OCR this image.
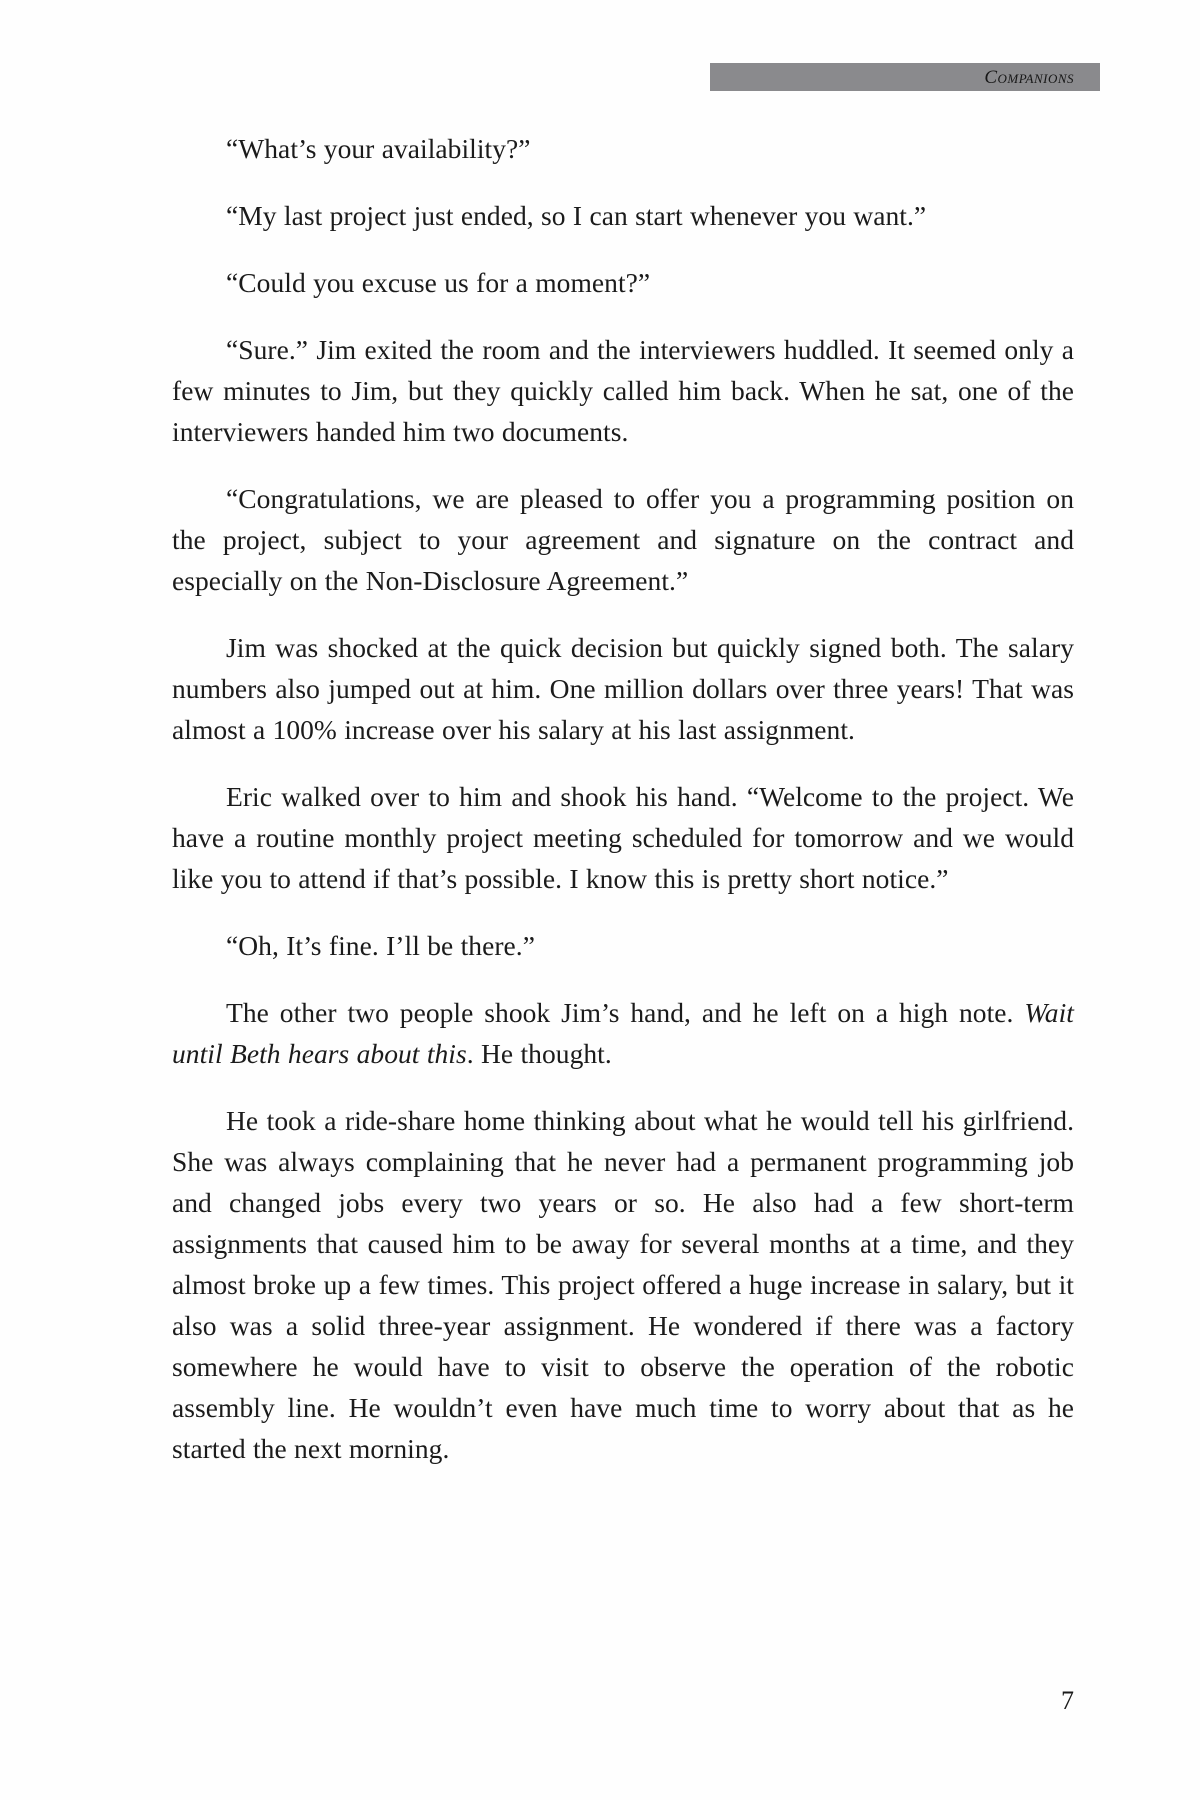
Companions

“What’s your availability?”

“My last project just ended, so I can start whenever you want.”

“Could you excuse us for a moment?”

“Sure.” Jim exited the room and the interviewers huddled. It seemed only a few minutes to Jim, but they quickly called him back. When he sat, one of the interviewers handed him two documents.

“Congratulations, we are pleased to offer you a programming position on the project, subject to your agreement and signature on the contract and especially on the Non-Disclosure Agreement.”

Jim was shocked at the quick decision but quickly signed both. The salary numbers also jumped out at him. One million dollars over three years! That was almost a 100% increase over his salary at his last assignment.

Eric walked over to him and shook his hand. “Welcome to the project. We have a routine monthly project meeting scheduled for tomorrow and we would like you to attend if that’s possible. I know this is pretty short notice.”

“Oh, It’s fine. I’ll be there.”

The other two people shook Jim’s hand, and he left on a high note. Wait until Beth hears about this. He thought.

He took a ride-share home thinking about what he would tell his girlfriend. She was always complaining that he never had a permanent programming job and changed jobs every two years or so. He also had a few short-term assignments that caused him to be away for several months at a time, and they almost broke up a few times. This project offered a huge increase in salary, but it also was a solid three-year assignment. He wondered if there was a factory somewhere he would have to visit to observe the operation of the robotic assembly line. He wouldn’t even have much time to worry about that as he started the next morning.

7
